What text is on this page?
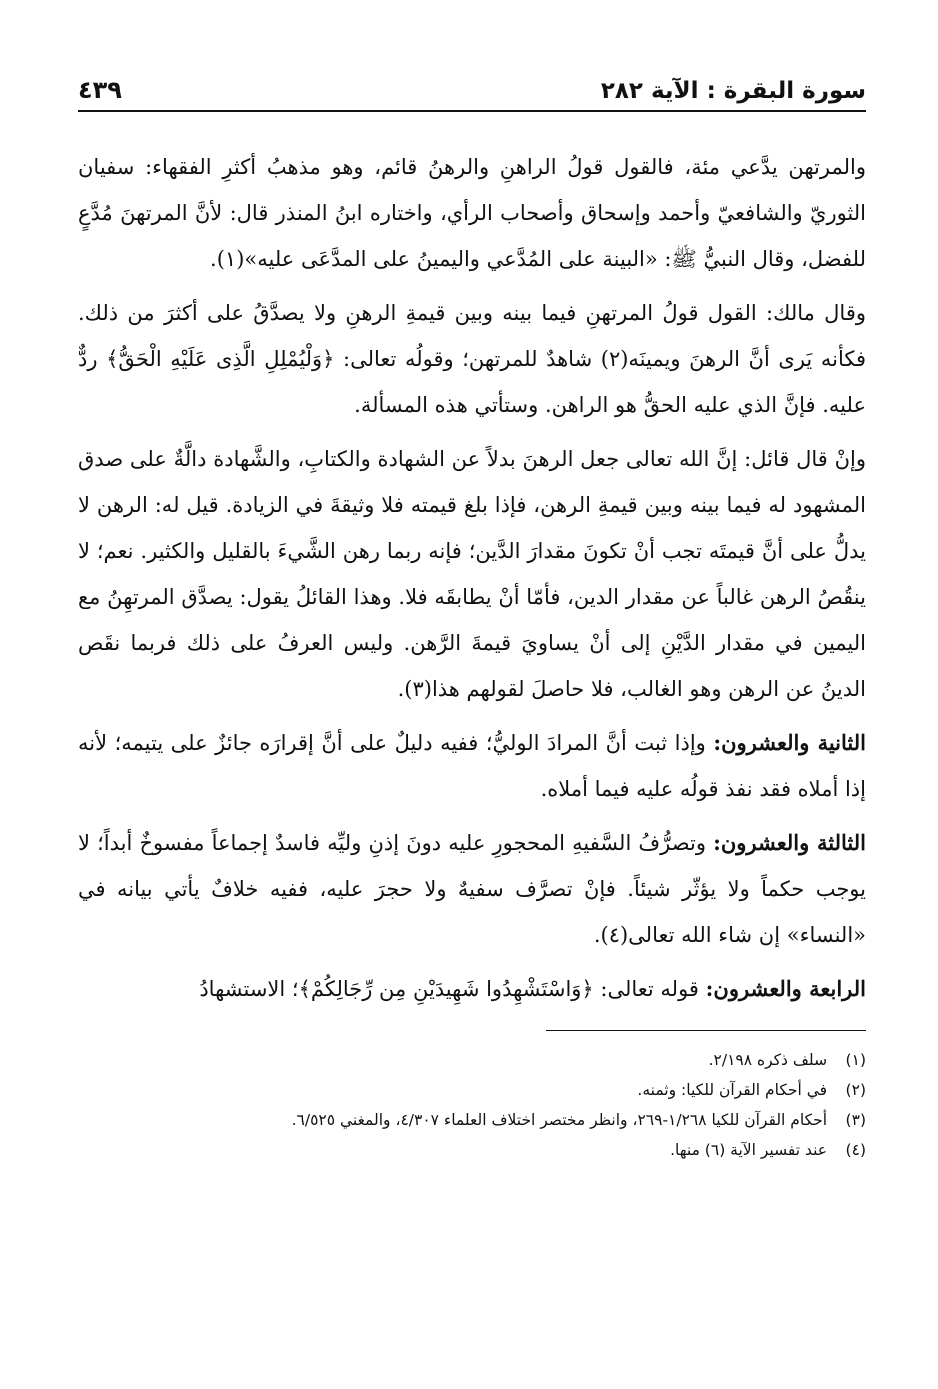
سورة البقرة : الآية ٢٨٢
٤٣٩

والمرتهن يدَّعي مئة، فالقول قولُ الراهنِ والرهنُ قائم، وهو مذهبُ أكثرِ الفقهاء: سفيان الثوريّ والشافعيّ وأحمد وإسحاق وأصحاب الرأي، واختاره ابنُ المنذر قال: لأنَّ المرتهنَ مُدَّعٍ للفضل، وقال النبيُّ ﷺ: «البينة على المُدَّعي واليمينُ على المدَّعَى عليه»(١).

وقال مالك: القول قولُ المرتهنِ فيما بينه وبين قيمةِ الرهنِ ولا يصدَّقُ على أكثرَ من ذلك. فكأنه يَرى أنَّ الرهنَ ويمينَه(٢) شاهدٌ للمرتهن؛ وقولُه تعالى: ﴿وَلْيُمْلِلِ الَّذِى عَلَيْهِ الْحَقُّ﴾ ردٌّ عليه. فإنَّ الذي عليه الحقُّ هو الراهن. وستأتي هذه المسألة.

وإنْ قال قائل: إنَّ الله تعالى جعل الرهنَ بدلاً عن الشهادة والكتابِ، والشَّهادة دالَّةٌ على صدق المشهود له فيما بينه وبين قيمةِ الرهن، فإذا بلغ قيمته فلا وثيقةَ في الزيادة. قيل له: الرهن لا يدلُّ على أنَّ قيمتَه تجب أنْ تكونَ مقدارَ الدَّين؛ فإنه ربما رهن الشَّيءَ بالقليل والكثير. نعم؛ لا ينقُصُ الرهن غالباً عن مقدار الدين، فأمّا أنْ يطابقَه فلا. وهذا القائلُ يقول: يصدَّق المرتهِنُ مع اليمين في مقدار الدَّيْنِ إلى أنْ يساويَ قيمةَ الرَّهن. وليس العرفُ على ذلك فربما نقَص الدينُ عن الرهن وهو الغالب، فلا حاصلَ لقولهم هذا(٣).

الثانية والعشرون: وإذا ثبت أنَّ المرادَ الوليُّ؛ ففيه دليلٌ على أنَّ إقرارَه جائزٌ على يتيمه؛ لأنه إذا أملاه فقد نفذ قولُه عليه فيما أملاه.

الثالثة والعشرون: وتصرُّفُ السَّفيهِ المحجورِ عليه دونَ إذنِ وليِّه فاسدٌ إجماعاً مفسوخٌ أبداً؛ لا يوجب حكماً ولا يؤثّر شيئاً. فإنْ تصرَّف سفيهٌ ولا حجرَ عليه، ففيه خلافٌ يأتي بيانه في «النساء» إن شاء الله تعالى(٤).

الرابعة والعشرون: قوله تعالى: ﴿وَاسْتَشْهِدُوا شَهِيدَيْنِ مِن رِّجَالِكُمْ﴾؛ الاستشهادُ

(١) سلف ذكره ٢/١٩٨.
(٢) في أحكام القرآن للكيا: وثمنه.
(٣) أحكام القرآن للكيا ١/٢٦٨-٢٦٩، وانظر مختصر اختلاف العلماء ٤/٣٠٧، والمغني ٦/٥٢٥.
(٤) عند تفسير الآية (٦) منها.
